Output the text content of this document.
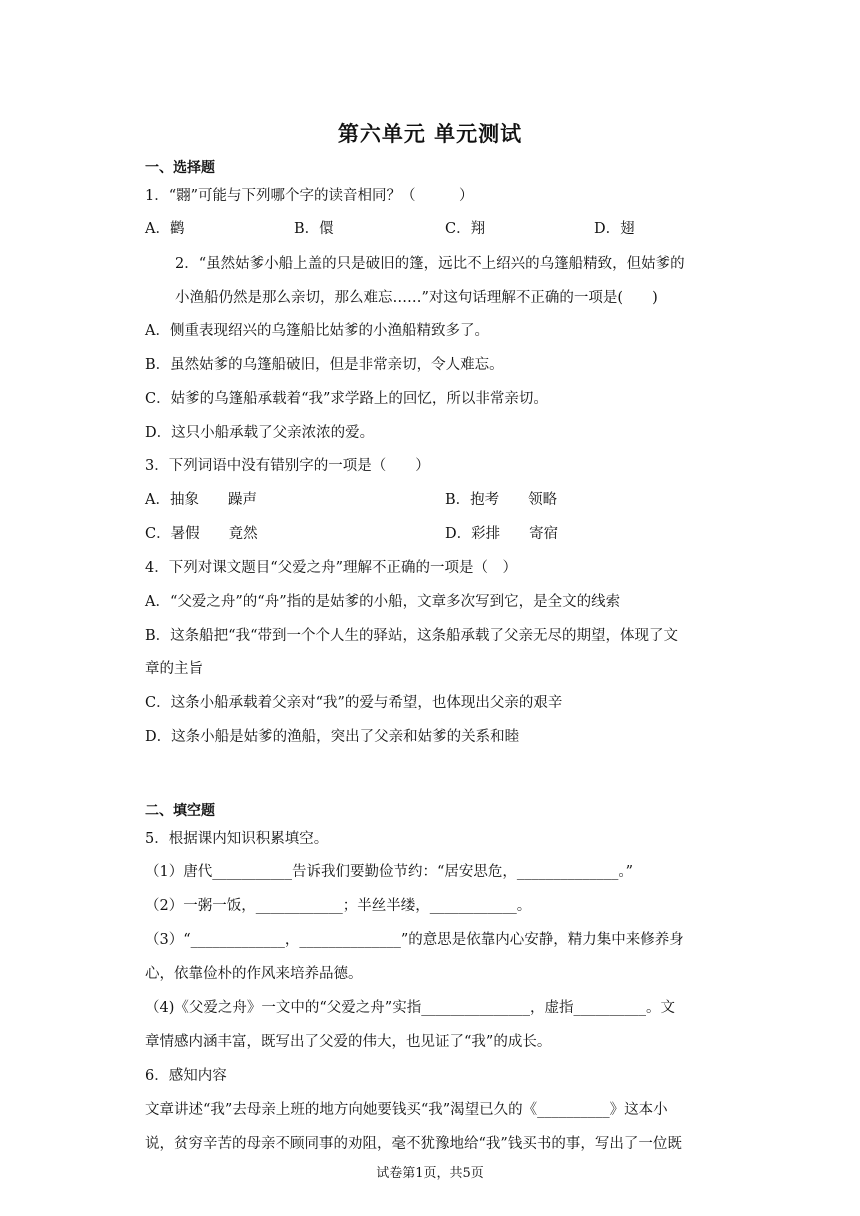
第六单元 单元测试
一、选择题
1．“翾”可能与下列哪个字的读音相同？（　　　）
A．鹳	B．儇	C．翔	D．翅
2．“虽然姑爹小船上盖的只是破旧的篷，远比不上绍兴的乌篷船精致，但姑爹的
小渔船仍然是那么亲切，那么难忘……”对这句话理解不正确的一项是(　　)
A．侧重表现绍兴的乌篷船比姑爹的小渔船精致多了。
B．虽然姑爹的乌篷船破旧，但是非常亲切，令人难忘。
C．姑爹的乌篷船承载着“我”求学路上的回忆，所以非常亲切。
D．这只小船承载了父亲浓浓的爱。
3．下列词语中没有错别字的一项是（　　）
A．抽象　　躁声	B．抱考　　领略
C．暑假　　竟然	D．彩排　　寄宿
4．下列对课文题目“父爱之舟”理解不正确的一项是（　）
A．“父爱之舟”的“舟”指的是姑爹的小船，文章多次写到它，是全文的线索
B．这条船把“我“带到一个个人生的驿站，这条船承载了父亲无尽的期望，体现了文
章的主旨
C．这条小船承载着父亲对“我”的爱与希望，也体现出父亲的艰辛
D．这条小船是姑爹的渔船，突出了父亲和姑爹的关系和睦
二、填空题
5．根据课内知识积累填空。
（1）唐代___________告诉我们要勤俭节约：“居安思危，______________。”
（2）一粥一饭，____________；半丝半缕，____________。
（3）“_____________，______________”的意思是依靠内心安静，精力集中来修养身
心，依靠俭朴的作风来培养品德。
（4)《父爱之舟》一文中的“父爱之舟”实指_______________，虚指__________。文
章情感内涵丰富，既写出了父爱的伟大，也见证了“我”的成长。
6．感知内容
文章讲述“我”去母亲上班的地方向她要钱买“我”渴望已久的《__________》这本小
说，贫穷辛苦的母亲不顾同事的劝阻，毫不犹豫地给“我”钱买书的事，写出了一位既
试卷第1页，共5页
